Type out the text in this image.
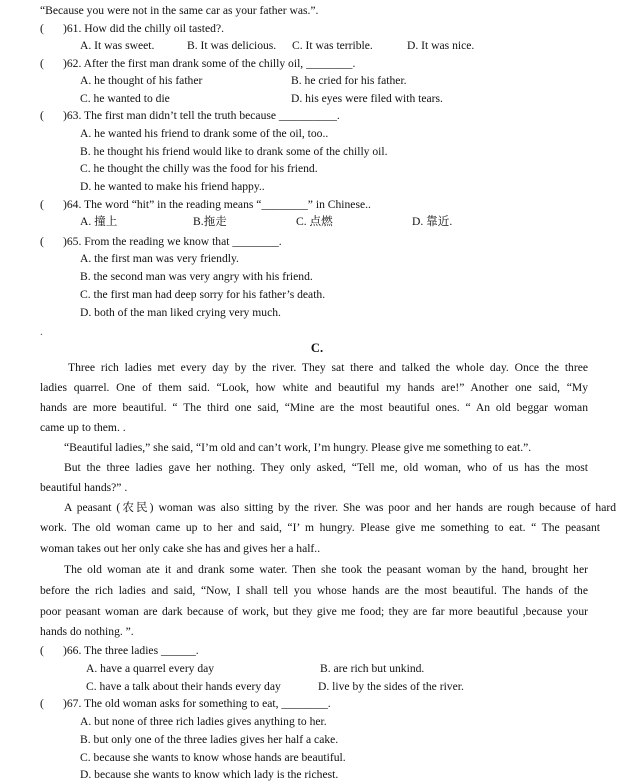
“Because you were not in the same car as your father was.”.
( )61. How did the chilly oil tasted?.
A. It was sweet.	B. It was delicious. C. It was terrible.	D. It was nice.
( )62. After the first man drank some of the chilly oil, ________.
A. he thought of his father	B. he cried for his father.
C. he wanted to die	D. his eyes were filed with tears.
( )63. The first man didn’t tell the truth because __________.
A. he wanted his friend to drank some of the oil, too..
B. he thought his friend would like to drank some of the chilly oil.
C. he thought the chilly was the food for his friend.
D. he wanted to make his friend happy..
( )64. The word “hit” in the reading means “________” in Chinese..
A. 撞上	B.拖走	C. 点燃	D. 靠近.
( )65. From the reading we know that ________.
A. the first man was very friendly.
B. the second man was very angry with his friend.
C. the first man had deep sorry for his father’s death.
D. both of the man liked crying very much.
.
C.
Three rich ladies met every day by the river. They sat there and talked the whole day. Once the three
ladies quarrel. One of them said. “Look, how white and beautiful my hands are!” Another one said, “My
hands are more beautiful. “ The third one said, “Mine are the most beautiful ones. “ An old beggar woman
came up to them. .
“Beautiful ladies,” she said, “I’m old and can’t work, I’m hungry. Please give me something to eat.”.
But the three ladies gave her nothing. They only asked, “Tell me, old woman, who of us has the most
beautiful hands?” .
A peasant (农民) woman was also sitting by the river. She was poor and her hands are rough because of hard
work. The old woman came up to her and said, “I’ m hungry. Please give me something to eat. “ The peasant
woman takes out her only cake she has and gives her a half..
The old woman ate it and drank some water. Then she took the peasant woman by the hand, brought her
before the rich ladies and said, “Now, I shall tell you whose hands are the most beautiful. The hands of the
poor peasant woman are dark because of work, but they give me food; they are far more beautiful ,because your
hands do nothing. ”.
( )66. The three ladies ______.
A. have a quarrel every day	B. are rich but unkind.
C. have a talk about their hands every day	D. live by the sides of the river.
( )67. The old woman asks for something to eat, ________.
A. but none of three rich ladies gives anything to her.
B. but only one of the three ladies gives her half a cake.
C. because she wants to know whose hands are beautiful.
D. because she wants to know which lady is the richest.
